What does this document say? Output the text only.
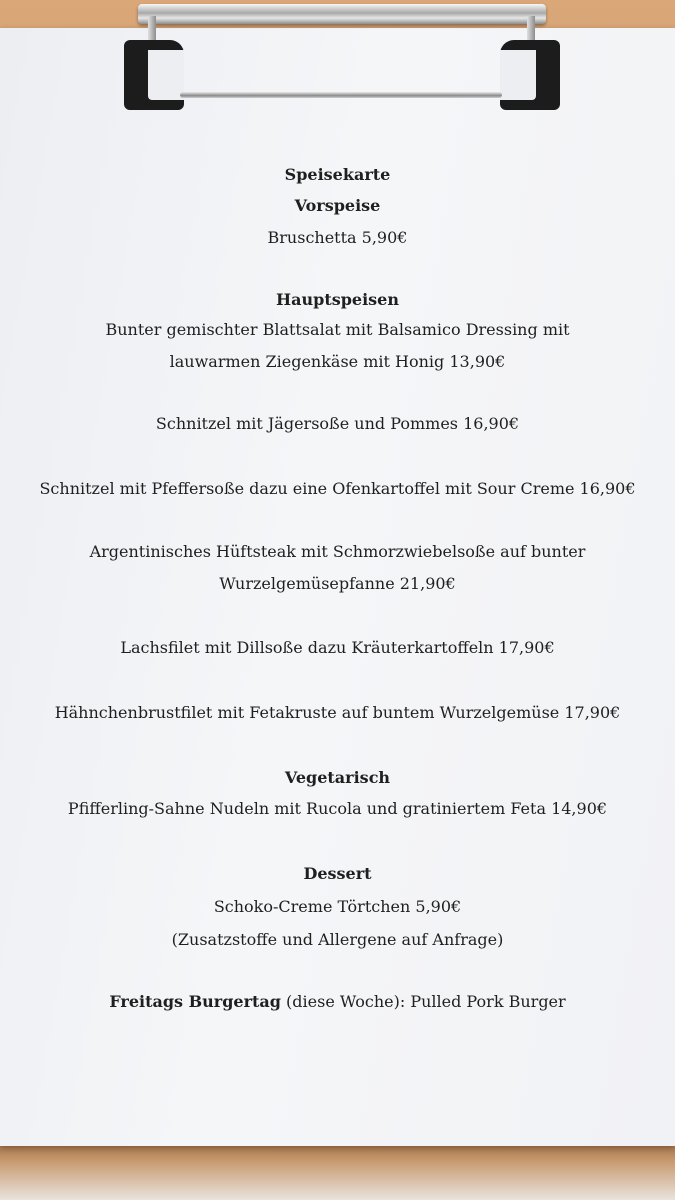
Speisekarte
Vorspeise
Bruschetta 5,90€
Hauptspeisen
Bunter gemischter Blattsalat mit Balsamico Dressing mit
lauwarmen Ziegenkäse mit Honig 13,90€
Schnitzel mit Jägersoße und Pommes 16,90€
Schnitzel mit Pfeffersoße dazu eine Ofenkartoffel mit Sour Creme 16,90€
Argentinisches Hüftsteak mit Schmorzwiebelsoße auf bunter
Wurzelgemüsepfanne 21,90€
Lachsfilet mit Dillsoße dazu Kräuterkartoffeln 17,90€
Hähnchenbrustfilet mit Fetakruste auf buntem Wurzelgemüse 17,90€
Vegetarisch
Pfifferling-Sahne Nudeln mit Rucola und gratiniertem Feta 14,90€
Dessert
Schoko-Creme Törtchen 5,90€
(Zusatzstoffe und Allergene auf Anfrage)
Freitags Burgertag (diese Woche): Pulled Pork Burger
